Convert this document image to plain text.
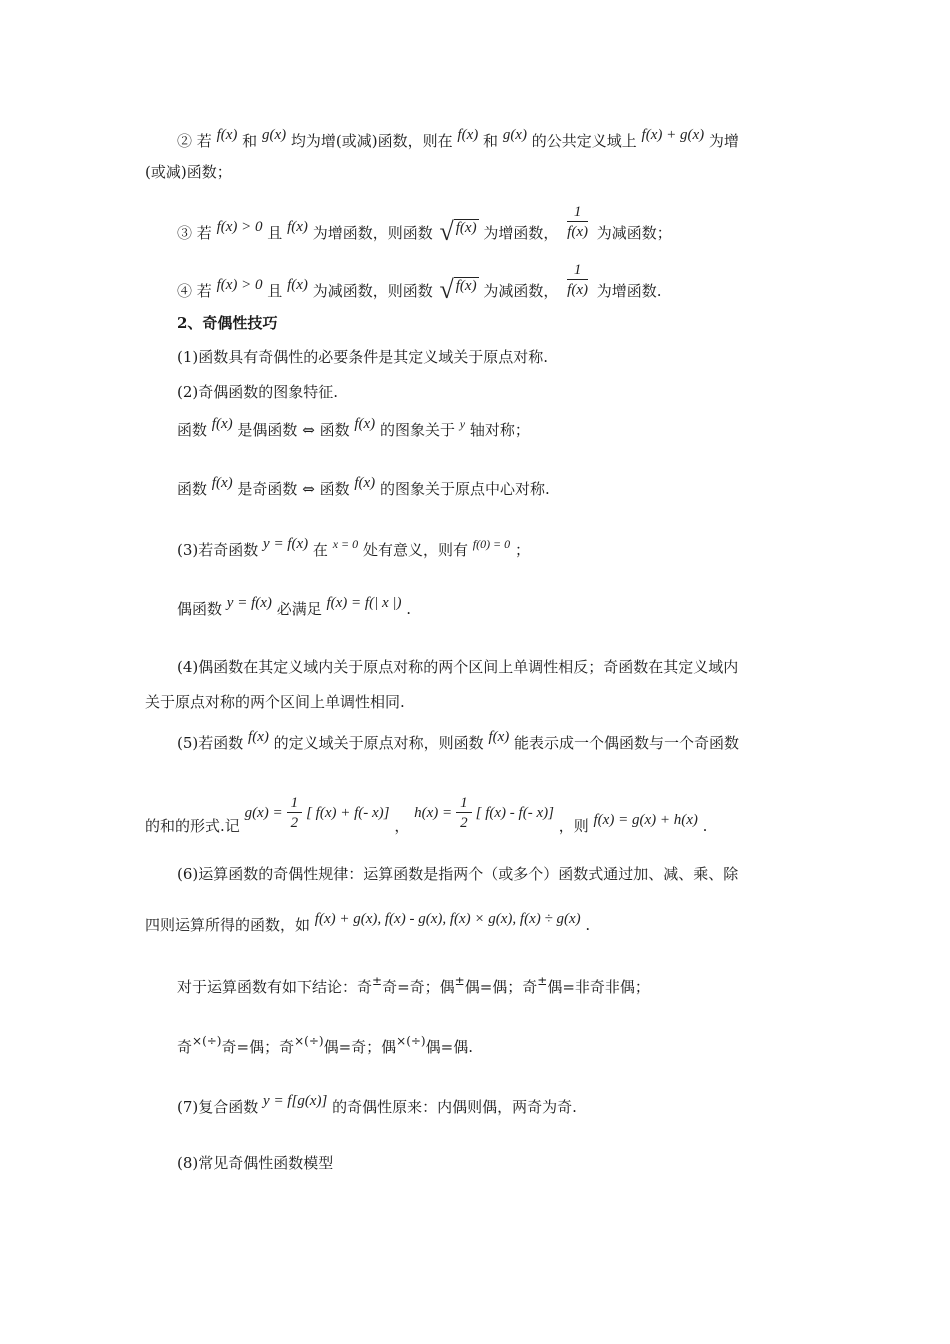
② 若 f(x) 和 g(x) 均为增(或减)函数，则在 f(x) 和 g(x) 的公共定义域上 f(x) + g(x) 为增
(或减)函数；
③ 若 f(x) > 0 且 f(x) 为增函数，则函数 √ f(x) 为增函数， $\frac{1}{f(x)}$ 为减函数；
④ 若 f(x) > 0 且 f(x) 为减函数，则函数 √ f(x) 为减函数， $\frac{1}{f(x)}$ 为增函数.
2、奇偶性技巧
(1)函数具有奇偶性的必要条件是其定义域关于原点对称.
(2)奇偶函数的图象特征.
函数 f(x) 是偶函数 ⇔ 函数 f(x) 的图象关于 $^y$ 轴对称；
函数 f(x) 是奇函数 ⇔ 函数 f(x) 的图象关于原点中心对称.
(3)若奇函数 y = f(x) 在 $^{x = 0}$ 处有意义，则有 $^{f(0) = 0}$ ；
偶函数 y = f(x) 必满足 f(x) = f(| x |) .
(4)偶函数在其定义域内关于原点对称的两个区间上单调性相反；奇函数在其定义域内
关于原点对称的两个区间上单调性相同.
(5)若函数 f(x) 的定义域关于原点对称，则函数 f(x) 能表示成一个偶函数与一个奇函数
的和的形式.记 $g(x) = \frac{1}{2}$ [ f(x) + f(- x)] ， $h(x) = \frac{1}{2}$ [ f(x) - f(- x)] ，则 f(x) = g(x) + h(x) .
(6)运算函数的奇偶性规律：运算函数是指两个（或多个）函数式通过加、减、乘、除
四则运算所得的函数，如 f(x) + g(x), f(x) - g(x), f(x) × g(x), f(x) ÷ g(x) .
对于运算函数有如下结论：奇±奇=奇；偶±偶=偶；奇±偶=非奇非偶；
奇×(÷)奇=偶；奇×(÷)偶=奇；偶×(÷)偶=偶.
(7)复合函数 y = f[g(x)] 的奇偶性原来：内偶则偶，两奇为奇.
(8)常见奇偶性函数模型
